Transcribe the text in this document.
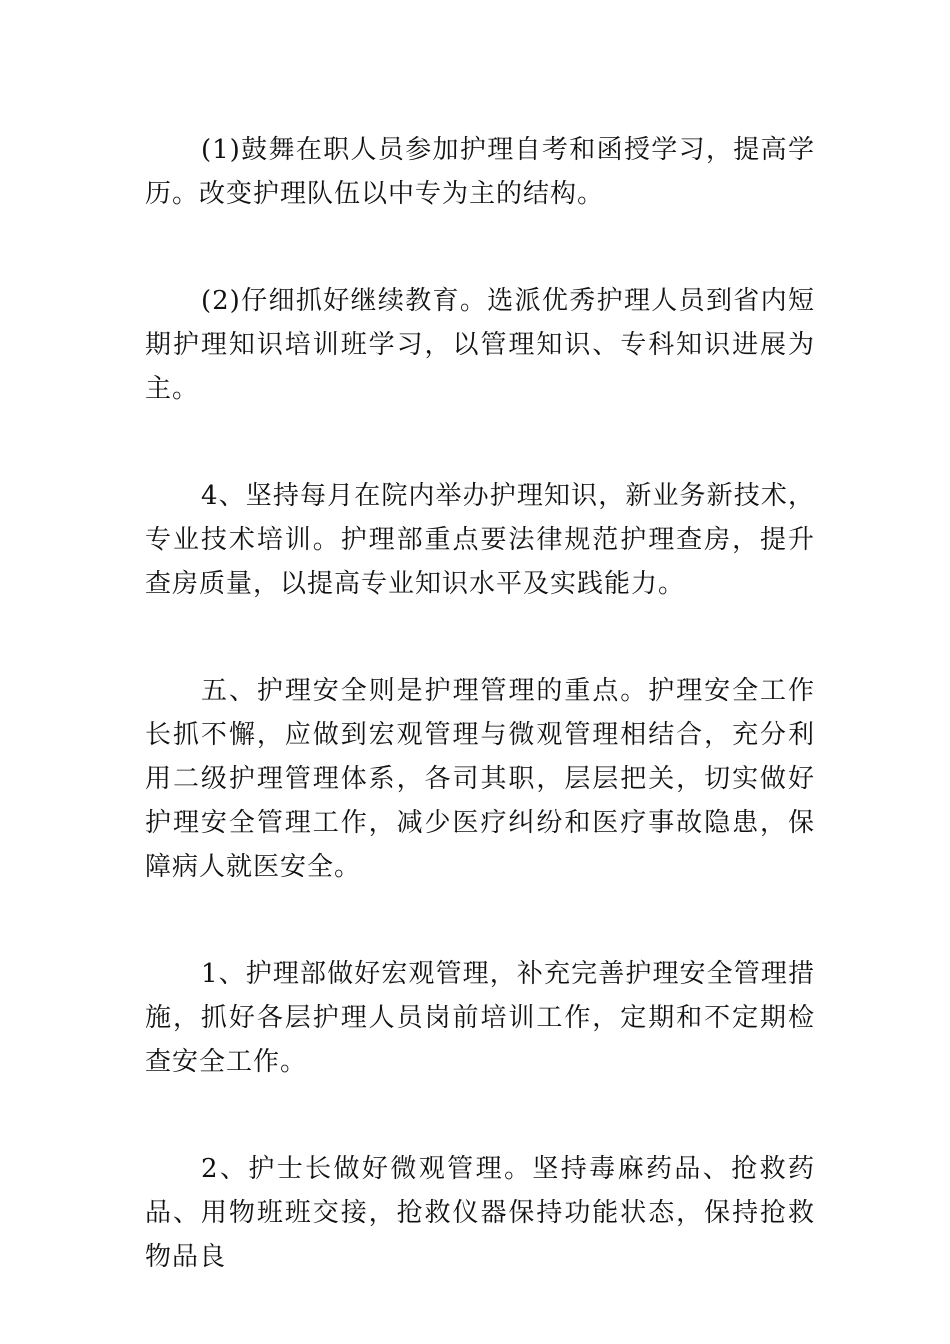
(1)鼓舞在职人员参加护理自考和函授学习，提高学历。改变护理队伍以中专为主的结构。

(2)仔细抓好继续教育。选派优秀护理人员到省内短期护理知识培训班学习，以管理知识、专科知识进展为主。

4、坚持每月在院内举办护理知识，新业务新技术，专业技术培训。护理部重点要法律规范护理查房，提升查房质量，以提高专业知识水平及实践能力。

五、护理安全则是护理管理的重点。护理安全工作长抓不懈，应做到宏观管理与微观管理相结合，充分利用二级护理管理体系，各司其职，层层把关，切实做好护理安全管理工作，减少医疗纠纷和医疗事故隐患，保障病人就医安全。

1、护理部做好宏观管理，补充完善护理安全管理措施，抓好各层护理人员岗前培训工作，定期和不定期检查安全工作。

2、护士长做好微观管理。坚持毒麻药品、抢救药品、用物班班交接，抢救仪器保持功能状态，保持抢救物品良
